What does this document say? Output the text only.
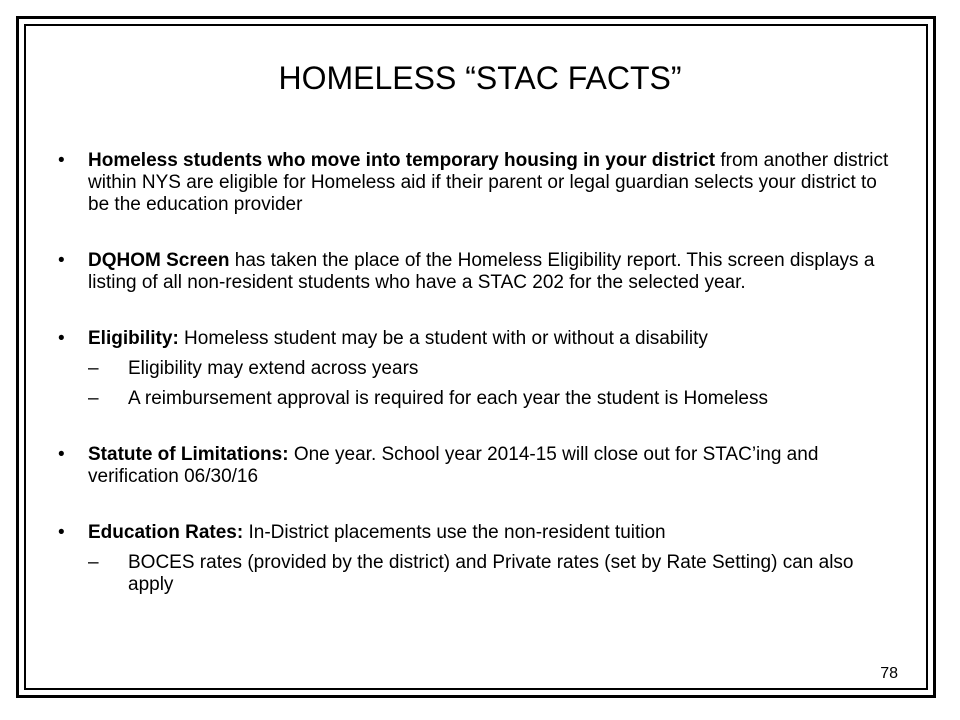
HOMELESS “STAC FACTS”
•	Homeless students who move into temporary housing in your district from another district within NYS are eligible for Homeless aid if their parent or legal guardian selects your district to be the education provider
•	DQHOM Screen has taken the place of the Homeless Eligibility report. This screen displays a listing of all non-resident students who have a STAC 202 for the selected year.
•	Eligibility: Homeless student may be a student with or without a disability
– Eligibility may extend across years
– A reimbursement approval is required for each year the student is Homeless
•	Statute of Limitations: One year. School year 2014-15 will close out for STAC’ing and verification 06/30/16
•	Education Rates: In-District placements use the non-resident tuition
– BOCES rates (provided by the district) and Private rates (set by Rate Setting) can also apply
78
